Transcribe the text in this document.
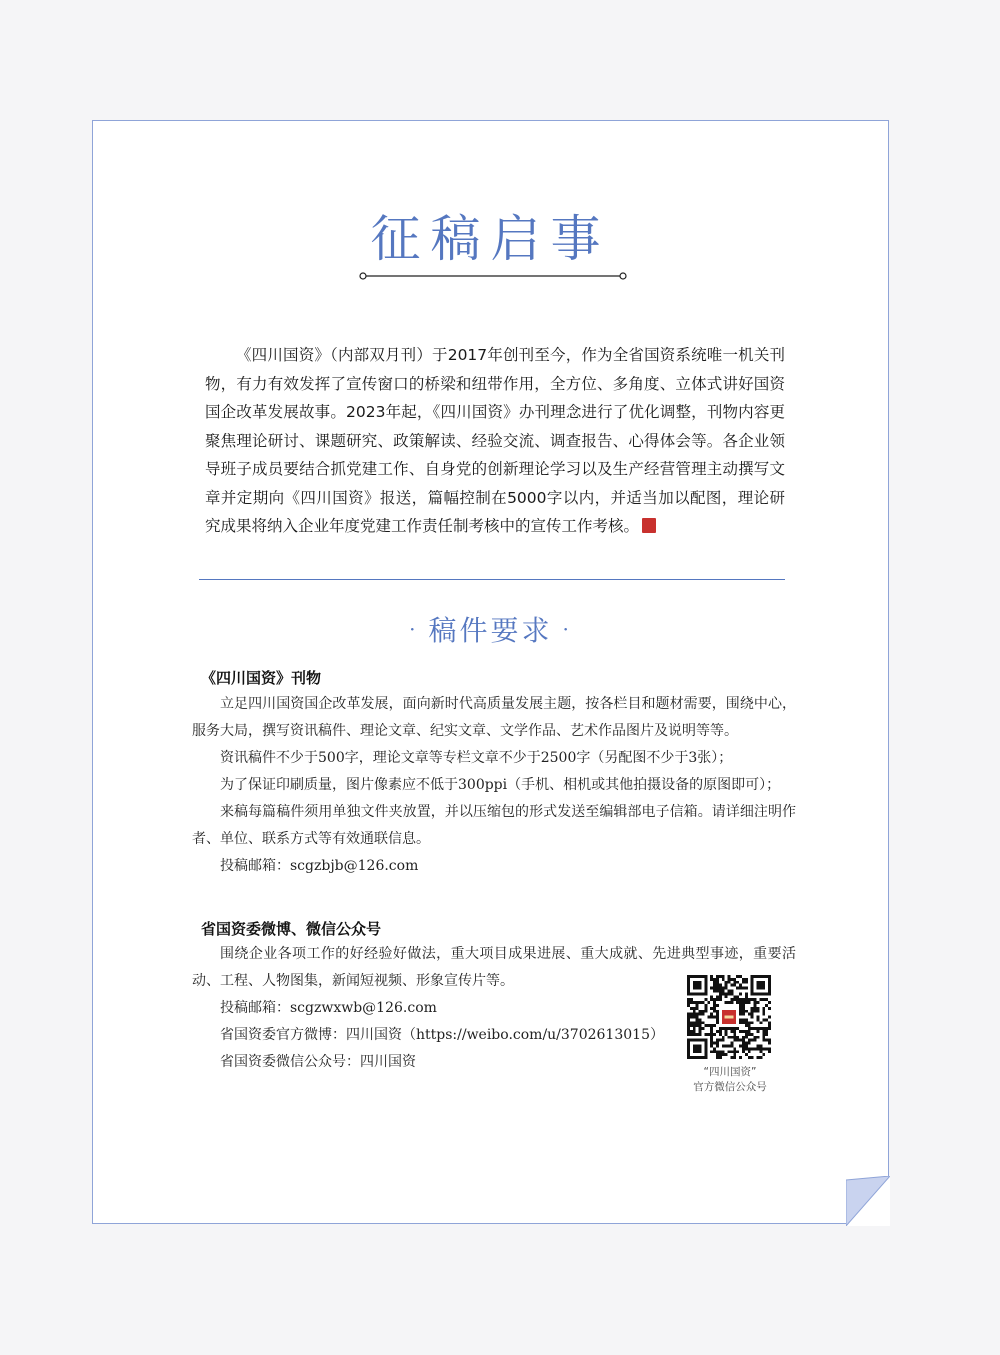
征稿启事

《四川国资》（内部双月刊）于2017年创刊至今，作为全省国资系统唯一机关刊物，有力有效发挥了宣传窗口的桥梁和纽带作用，全方位、多角度、立体式讲好国资国企改革发展故事。2023年起，《四川国资》办刊理念进行了优化调整，刊物内容更聚焦理论研讨、课题研究、政策解读、经验交流、调查报告、心得体会等。各企业领导班子成员要结合抓党建工作、自身党的创新理论学习以及生产经营管理主动撰写文章并定期向《四川国资》报送，篇幅控制在5000字以内，并适当加以配图，理论研究成果将纳入企业年度党建工作责任制考核中的宣传工作考核。

· 稿件要求 ·
《四川国资》刊物

立足四川国资国企改革发展，面向新时代高质量发展主题，按各栏目和题材需要，围绕中心，服务大局，撰写资讯稿件、理论文章、纪实文章、文学作品、艺术作品图片及说明等等。

资讯稿件不少于500字，理论文章等专栏文章不少于2500字（另配图不少于3张）；

为了保证印刷质量，图片像素应不低于300ppi（手机、相机或其他拍摄设备的原图即可）；

来稿每篇稿件须用单独文件夹放置，并以压缩包的形式发送至编辑部电子信箱。请详细注明作者、单位、联系方式等有效通联信息。

投稿邮箱：scgzbjb@126.com

省国资委微博、微信公众号

围绕企业各项工作的好经验好做法，重大项目成果进展、重大成就、先进典型事迹，重要活动、工程、人物图集，新闻短视频、形象宣传片等。

投稿邮箱：scgzwxwb@126.com

省国资委官方微博：四川国资（https://weibo.com/u/3702613015）

省国资委微信公众号：四川国资

“四川国资”
官方微信公众号
